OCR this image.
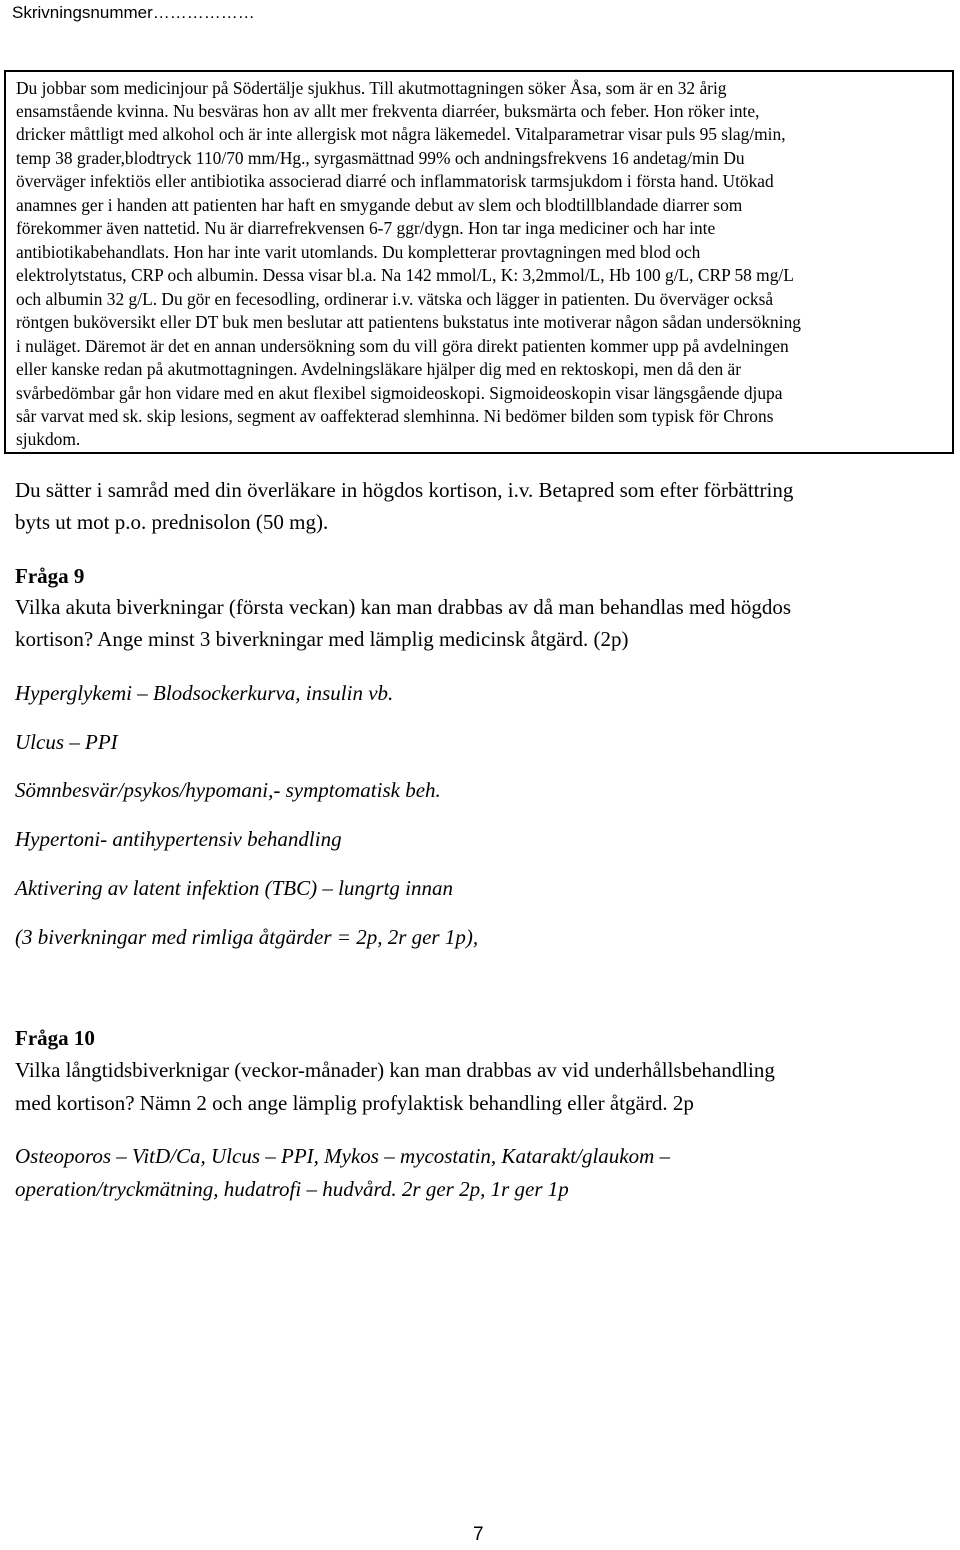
Skrivningsnummer………………
Du jobbar som medicinjour på Södertälje sjukhus. Till akutmottagningen söker Åsa, som är en 32 årig
ensamstående kvinna. Nu besväras hon av allt mer frekventa diarréer, buksmärta och feber. Hon röker inte,
dricker måttligt med alkohol och är inte allergisk mot några läkemedel. Vitalparametrar visar puls 95 slag/min,
temp 38 grader,blodtryck 110/70 mm/Hg., syrgasmättnad 99% och andningsfrekvens 16 andetag/min Du
överväger infektiös eller antibiotika associerad diarré och inflammatorisk tarmsjukdom i första hand. Utökad
anamnes ger i handen att patienten har haft en smygande debut av slem och blodtillblandade diarrer som
förekommer även nattetid. Nu är diarrefrekvensen 6-7 ggr/dygn. Hon tar inga mediciner och har inte
antibiotikabehandlats. Hon har inte varit utomlands. Du kompletterar provtagningen med blod och
elektrolytstatus, CRP och albumin. Dessa visar bl.a. Na 142 mmol/L, K: 3,2mmol/L, Hb 100 g/L, CRP 58 mg/L
och albumin 32 g/L. Du gör en fecesodling, ordinerar i.v. vätska och lägger in patienten. Du överväger också
röntgen buköversikt eller DT buk men beslutar att patientens bukstatus inte motiverar någon sådan undersökning
i nuläget. Däremot är det en annan undersökning som du vill göra direkt patienten kommer upp på avdelningen
eller kanske redan på akutmottagningen. Avdelningsläkare hjälper dig med en rektoskopi, men då den är
svårbedömbar går hon vidare med en akut flexibel sigmoideoskopi. Sigmoideoskopin visar längsgående djupa
sår varvat med sk. skip lesions, segment av oaffekterad slemhinna. Ni bedömer bilden som typisk för Chrons
sjukdom.
Du sätter i samråd med din överläkare in högdos kortison, i.v. Betapred som efter förbättring
byts ut mot p.o. prednisolon (50 mg).
Fråga 9
Vilka akuta biverkningar (första veckan) kan man drabbas av då man behandlas med högdos
kortison? Ange minst 3 biverkningar med lämplig medicinsk åtgärd. (2p)
Hyperglykemi – Blodsockerkurva, insulin vb.
Ulcus – PPI
Sömnbesvär/psykos/hypomani,- symptomatisk beh.
Hypertoni- antihypertensiv behandling
Aktivering av latent infektion (TBC) – lungrtg innan
(3 biverkningar med rimliga åtgärder = 2p, 2r ger 1p),
Fråga 10
Vilka långtidsbiverknigar (veckor-månader) kan man drabbas av vid underhållsbehandling
med kortison? Nämn 2 och ange lämplig profylaktisk behandling eller åtgärd. 2p
Osteoporos – VitD/Ca, Ulcus – PPI, Mykos – mycostatin, Katarakt/glaukom –
operation/tryckmätning, hudatrofi – hudvård. 2r ger 2p, 1r ger 1p
7
